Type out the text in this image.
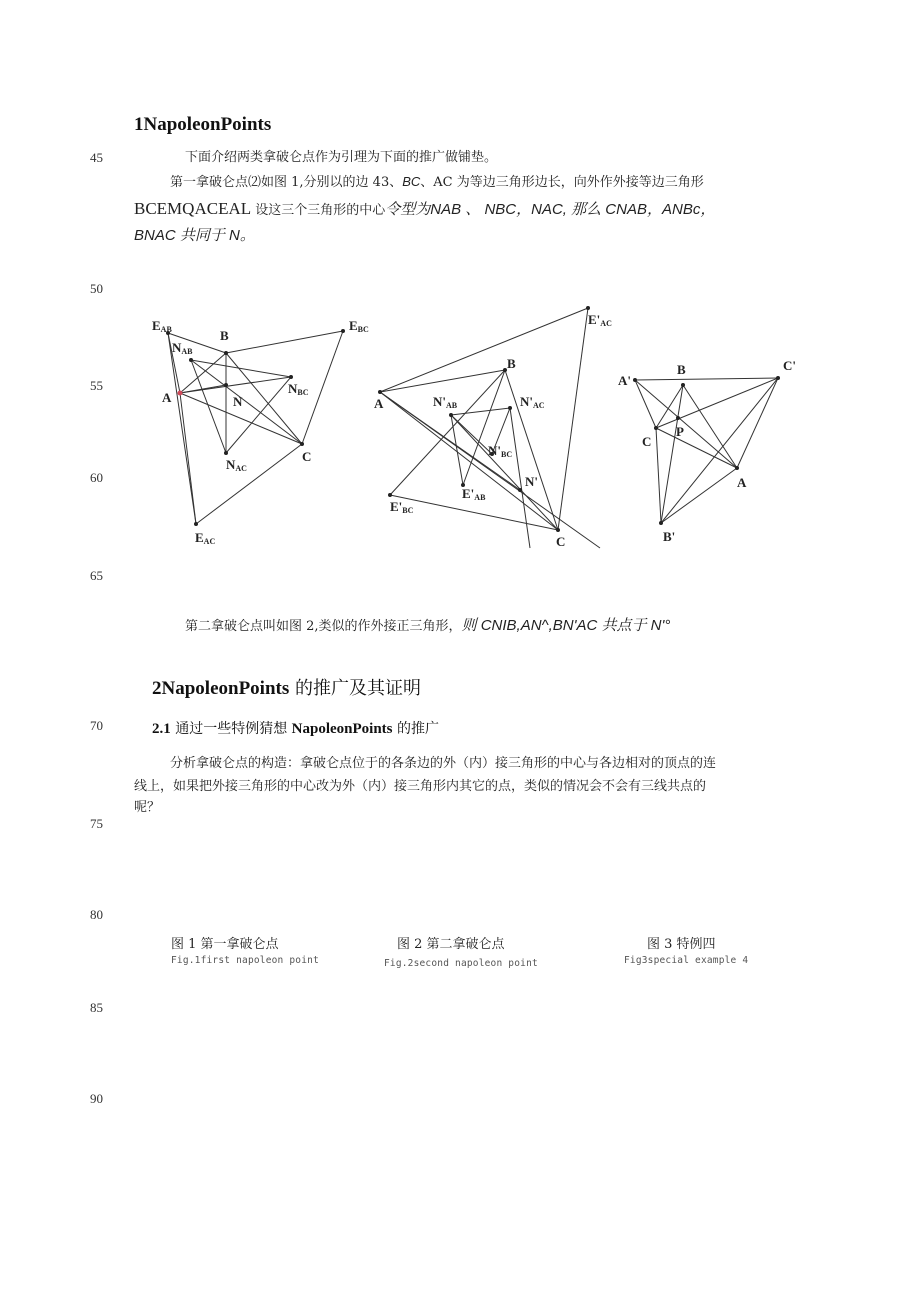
45
50
55
60
65
70
75
80
85
90
1NapoleonPoints
下面介绍两类拿破仑点作为引理为下面的推广做铺垫。
第一拿破仑点⑵如图 1,分别以的边 43、BC、AC 为等边三角形边长，向外作外接等边三角形
BCEMQACEAL 设这三个三角形的中心令型为NAB 、 NBC，NAC, 那么 CNAB，ANBc，
BNAC 共同于 N。
EAB	EBC
NAB
B
NBC
A	N
NAC
C
EAC
E'AC
B
A	N'AB	N'AC
N'BC
N'
E'AB
E'BC
C
A'
B	C'
C
P
A
B'
第二拿破仑点叫如图 2,类似的作外接正三角形，则 CNIB,AN^,BN'AC 共点于 N'°
2NapoleonPoints 的推广及其证明
2.1 通过一些特例猜想 NapoleonPoints 的推广
分析拿破仑点的构造：拿破仑点位于的各条边的外（内）接三角形的中心与各边相对的顶点的连
线上，如果把外接三角形的中心改为外（内）接三角形内其它的点，类似的情况会不会有三线共点的
呢？
图 1 第一拿破仑点
Fig.1first napoleon point
图 2 第二拿破仑点
Fig.2second napoleon point
图 3 特例四
Fig3special example 4
